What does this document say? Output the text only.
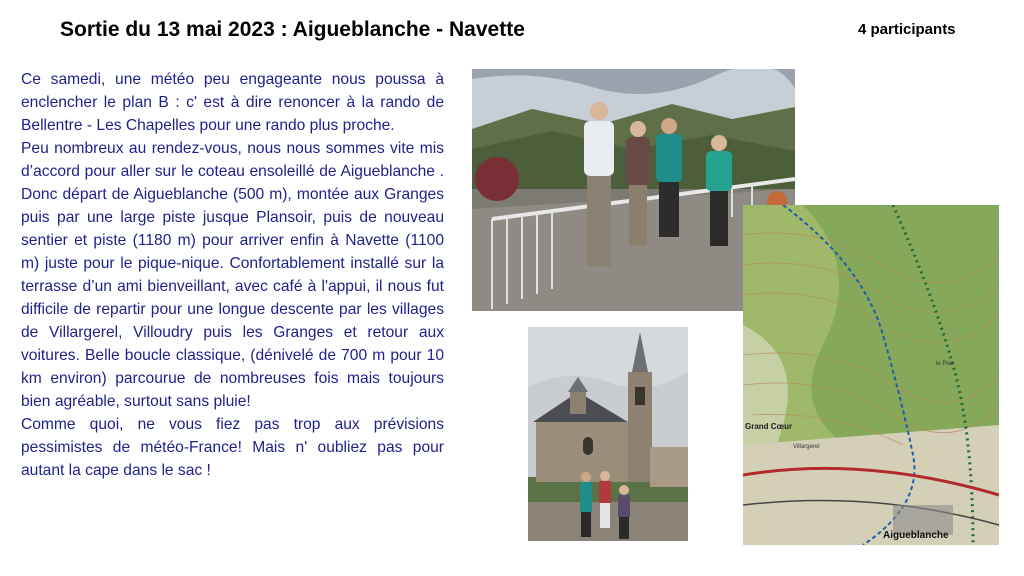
Sortie du 13 mai 2023 : Aigueblanche - Navette	4 participants

Ce samedi, une météo peu engageante nous poussa à enclencher le plan B : c' est à dire renoncer à la rando de Bellentre - Les Chapelles pour une rando plus proche.

Peu nombreux au rendez-vous, nous nous sommes vite mis d’accord pour aller sur le coteau ensoleillé de Aigueblanche . Donc départ de Aigueblanche (500 m), montée aux Granges puis par une large piste jusque Plansoir, puis de nouveau sentier et piste (1180 m) pour arriver enfin à Navette (1100 m) juste pour le pique-nique. Confortablement installé sur la terrasse d’un ami bienveillant, avec café à l'appui, il nous fut difficile de repartir pour une longue descente par les villages de Villargerel, Villoudry puis les Granges et retour aux voitures. Belle boucle classique, (dénivelé de 700 m pour 10 km environ) parcourue de nombreuses fois mais toujours bien agréable, surtout sans pluie!

Comme quoi, ne vous fiez pas trop aux prévisions pessimistes de météo-France! Mais n' oubliez pas pour autant la cape dans le sac !

Grand Cœur
Villargerel
le Plan
Aigueblanche
